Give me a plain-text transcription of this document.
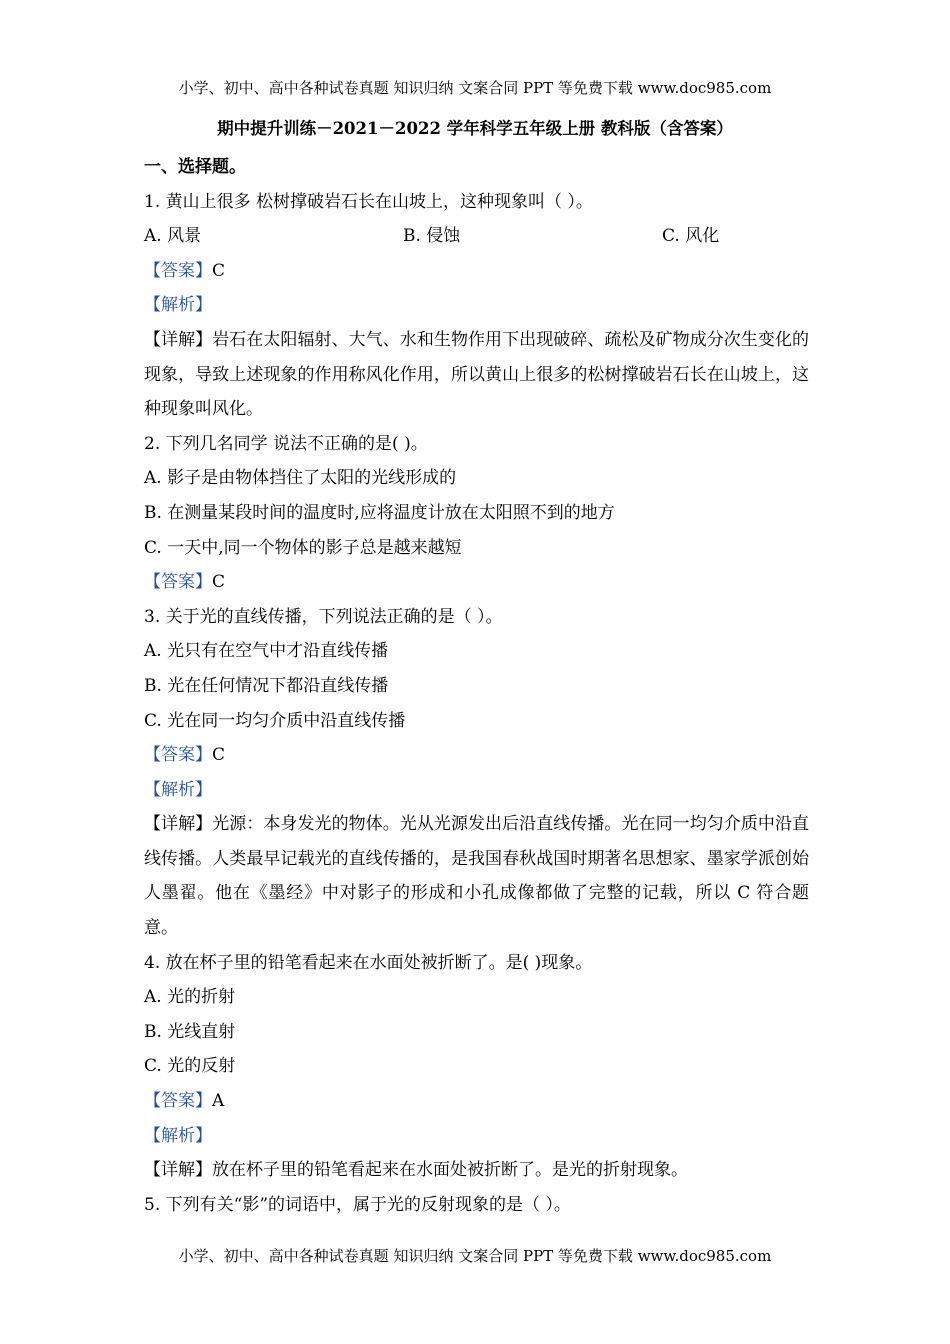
小学、初中、高中各种试卷真题 知识归纳 文案合同 PPT 等免费下载 www.doc985.com
期中提升训练－2021－2022 学年科学五年级上册 教科版（含答案）
一、选择题。
1. 黄山上很多 松树撑破岩石长在山坡上，这种现象叫（ ）。
A. 风景	B. 侵蚀	C. 风化
【答案】C
【解析】
【详解】岩石在太阳辐射、大气、水和生物作用下出现破碎、疏松及矿物成分次生变化的现象，导致上述现象的作用称风化作用，所以黄山上很多的松树撑破岩石长在山坡上，这种现象叫风化。
2. 下列几名同学 说法不正确的是( )。
A. 影子是由物体挡住了太阳的光线形成的
B. 在测量某段时间的温度时,应将温度计放在太阳照不到的地方
C. 一天中,同一个物体的影子总是越来越短
【答案】C
3. 关于光的直线传播，下列说法正确的是（ ）。
A. 光只有在空气中才沿直线传播
B. 光在任何情况下都沿直线传播
C. 光在同一均匀介质中沿直线传播
【答案】C
【解析】
【详解】光源：本身发光的物体。光从光源发出后沿直线传播。光在同一均匀介质中沿直线传播。人类最早记载光的直线传播的，是我国春秋战国时期著名思想家、墨家学派创始人墨翟。他在《墨经》中对影子的形成和小孔成像都做了完整的记载，所以 C 符合题意。
4. 放在杯子里的铅笔看起来在水面处被折断了。是( )现象。
A. 光的折射
B. 光线直射
C. 光的反射
【答案】A
【解析】
【详解】放在杯子里的铅笔看起来在水面处被折断了。是光的折射现象。
5. 下列有关“影”的词语中，属于光的反射现象的是（ ）。
小学、初中、高中各种试卷真题 知识归纳 文案合同 PPT 等免费下载 www.doc985.com
